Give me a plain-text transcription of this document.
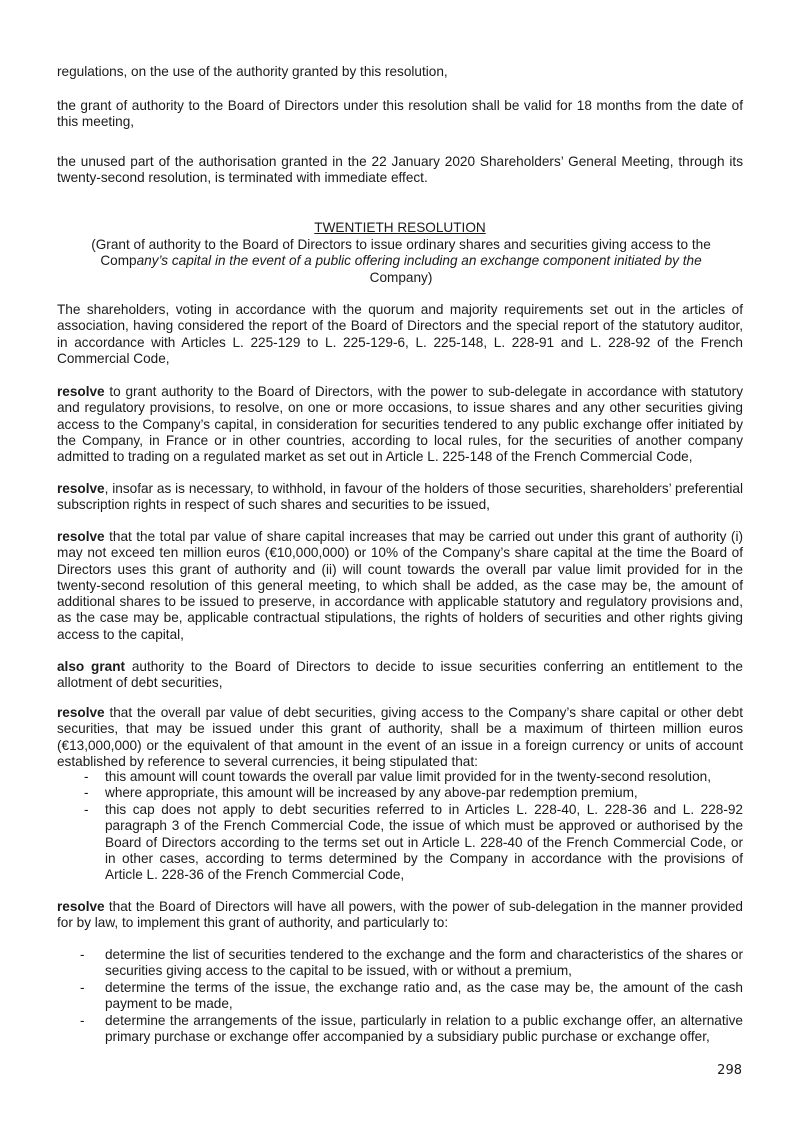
regulations, on the use of the authority granted by this resolution,

the grant of authority to the Board of Directors under this resolution shall be valid for 18 months from the date of this meeting,

the unused part of the authorisation granted in the 22 January 2020 Shareholders’ General Meeting, through its twenty-second resolution, is terminated with immediate effect.

TWENTIETH RESOLUTION

(Grant of authority to the Board of Directors to issue ordinary shares and securities giving access to the Company’s capital in the event of a public offering including an exchange component initiated by the
Company)

The shareholders, voting in accordance with the quorum and majority requirements set out in the articles of association, having considered the report of the Board of Directors and the special report of the statutory auditor, in accordance with Articles L. 225-129 to L. 225-129-6, L. 225-148, L. 228-91 and L. 228-92 of the French Commercial Code,

resolve to grant authority to the Board of Directors, with the power to sub-delegate in accordance with statutory and regulatory provisions, to resolve, on one or more occasions, to issue shares and any other securities giving access to the Company’s capital, in consideration for securities tendered to any public exchange offer initiated by the Company, in France or in other countries, according to local rules, for the securities of another company admitted to trading on a regulated market as set out in Article L. 225-148 of the French Commercial Code,

resolve, insofar as is necessary, to withhold, in favour of the holders of those securities, shareholders’ preferential subscription rights in respect of such shares and securities to be issued,

resolve that the total par value of share capital increases that may be carried out under this grant of authority (i) may not exceed ten million euros (€10,000,000) or 10% of the Company’s share capital at the time the Board of Directors uses this grant of authority and (ii) will count towards the overall par value limit provided for in the twenty-second resolution of this general meeting, to which shall be added, as the case may be, the amount of additional shares to be issued to preserve, in accordance with applicable statutory and regulatory provisions and, as the case may be, applicable contractual stipulations, the rights of holders of securities and other rights giving access to the capital,

also grant authority to the Board of Directors to decide to issue securities conferring an entitlement to the allotment of debt securities,

resolve that the overall par value of debt securities, giving access to the Company’s share capital or other debt securities, that may be issued under this grant of authority, shall be a maximum of thirteen million euros (€13,000,000) or the equivalent of that amount in the event of an issue in a foreign currency or units of account established by reference to several currencies, it being stipulated that:

-	this amount will count towards the overall par value limit provided for in the twenty-second resolution,
-	where appropriate, this amount will be increased by any above-par redemption premium,
-	this cap does not apply to debt securities referred to in Articles L. 228-40, L. 228-36 and L. 228-92 paragraph 3 of the French Commercial Code, the issue of which must be approved or authorised by the Board of Directors according to the terms set out in Article L. 228-40 of the French Commercial Code, or in other cases, according to terms determined by the Company in accordance with the provisions of Article L. 228-36 of the French Commercial Code,

resolve that the Board of Directors will have all powers, with the power of sub-delegation in the manner provided for by law, to implement this grant of authority, and particularly to:

-	determine the list of securities tendered to the exchange and the form and characteristics of the shares or securities giving access to the capital to be issued, with or without a premium,
-	determine the terms of the issue, the exchange ratio and, as the case may be, the amount of the cash payment to be made,
-	determine the arrangements of the issue, particularly in relation to a public exchange offer, an alternative primary purchase or exchange offer accompanied by a subsidiary public purchase or exchange offer,
298
